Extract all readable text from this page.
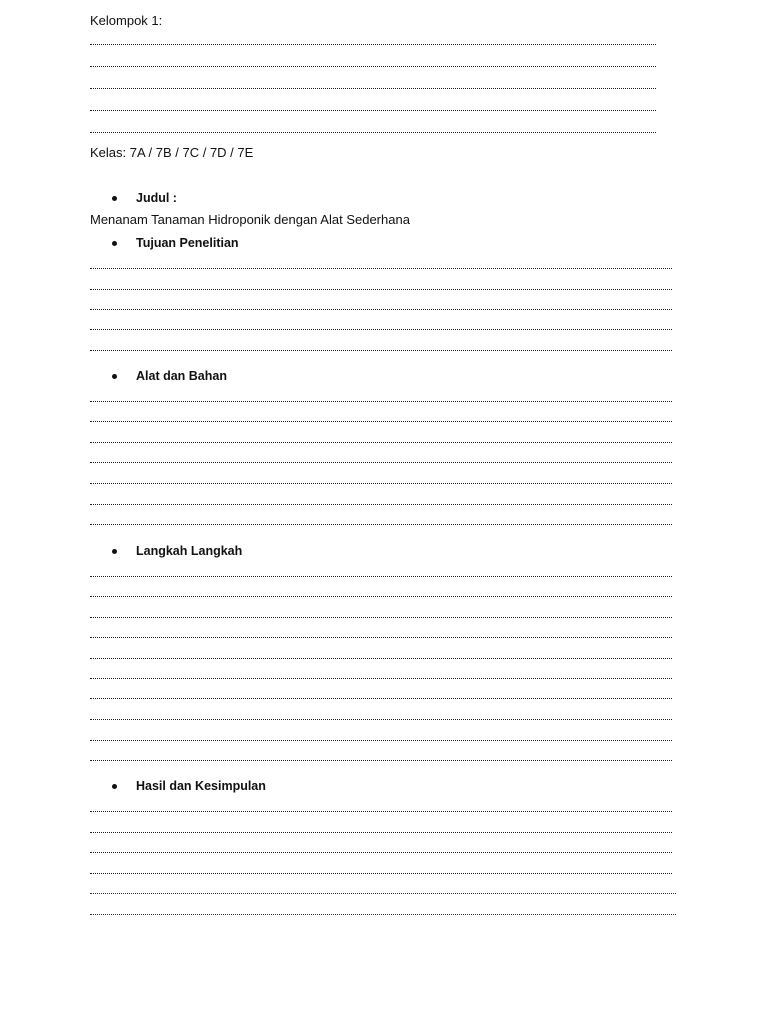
Kelompok 1:
Kelas: 7A / 7B / 7C / 7D / 7E
Judul :
Menanam Tanaman Hidroponik dengan Alat Sederhana
Tujuan Penelitian
Alat dan Bahan
Langkah Langkah
Hasil dan Kesimpulan
